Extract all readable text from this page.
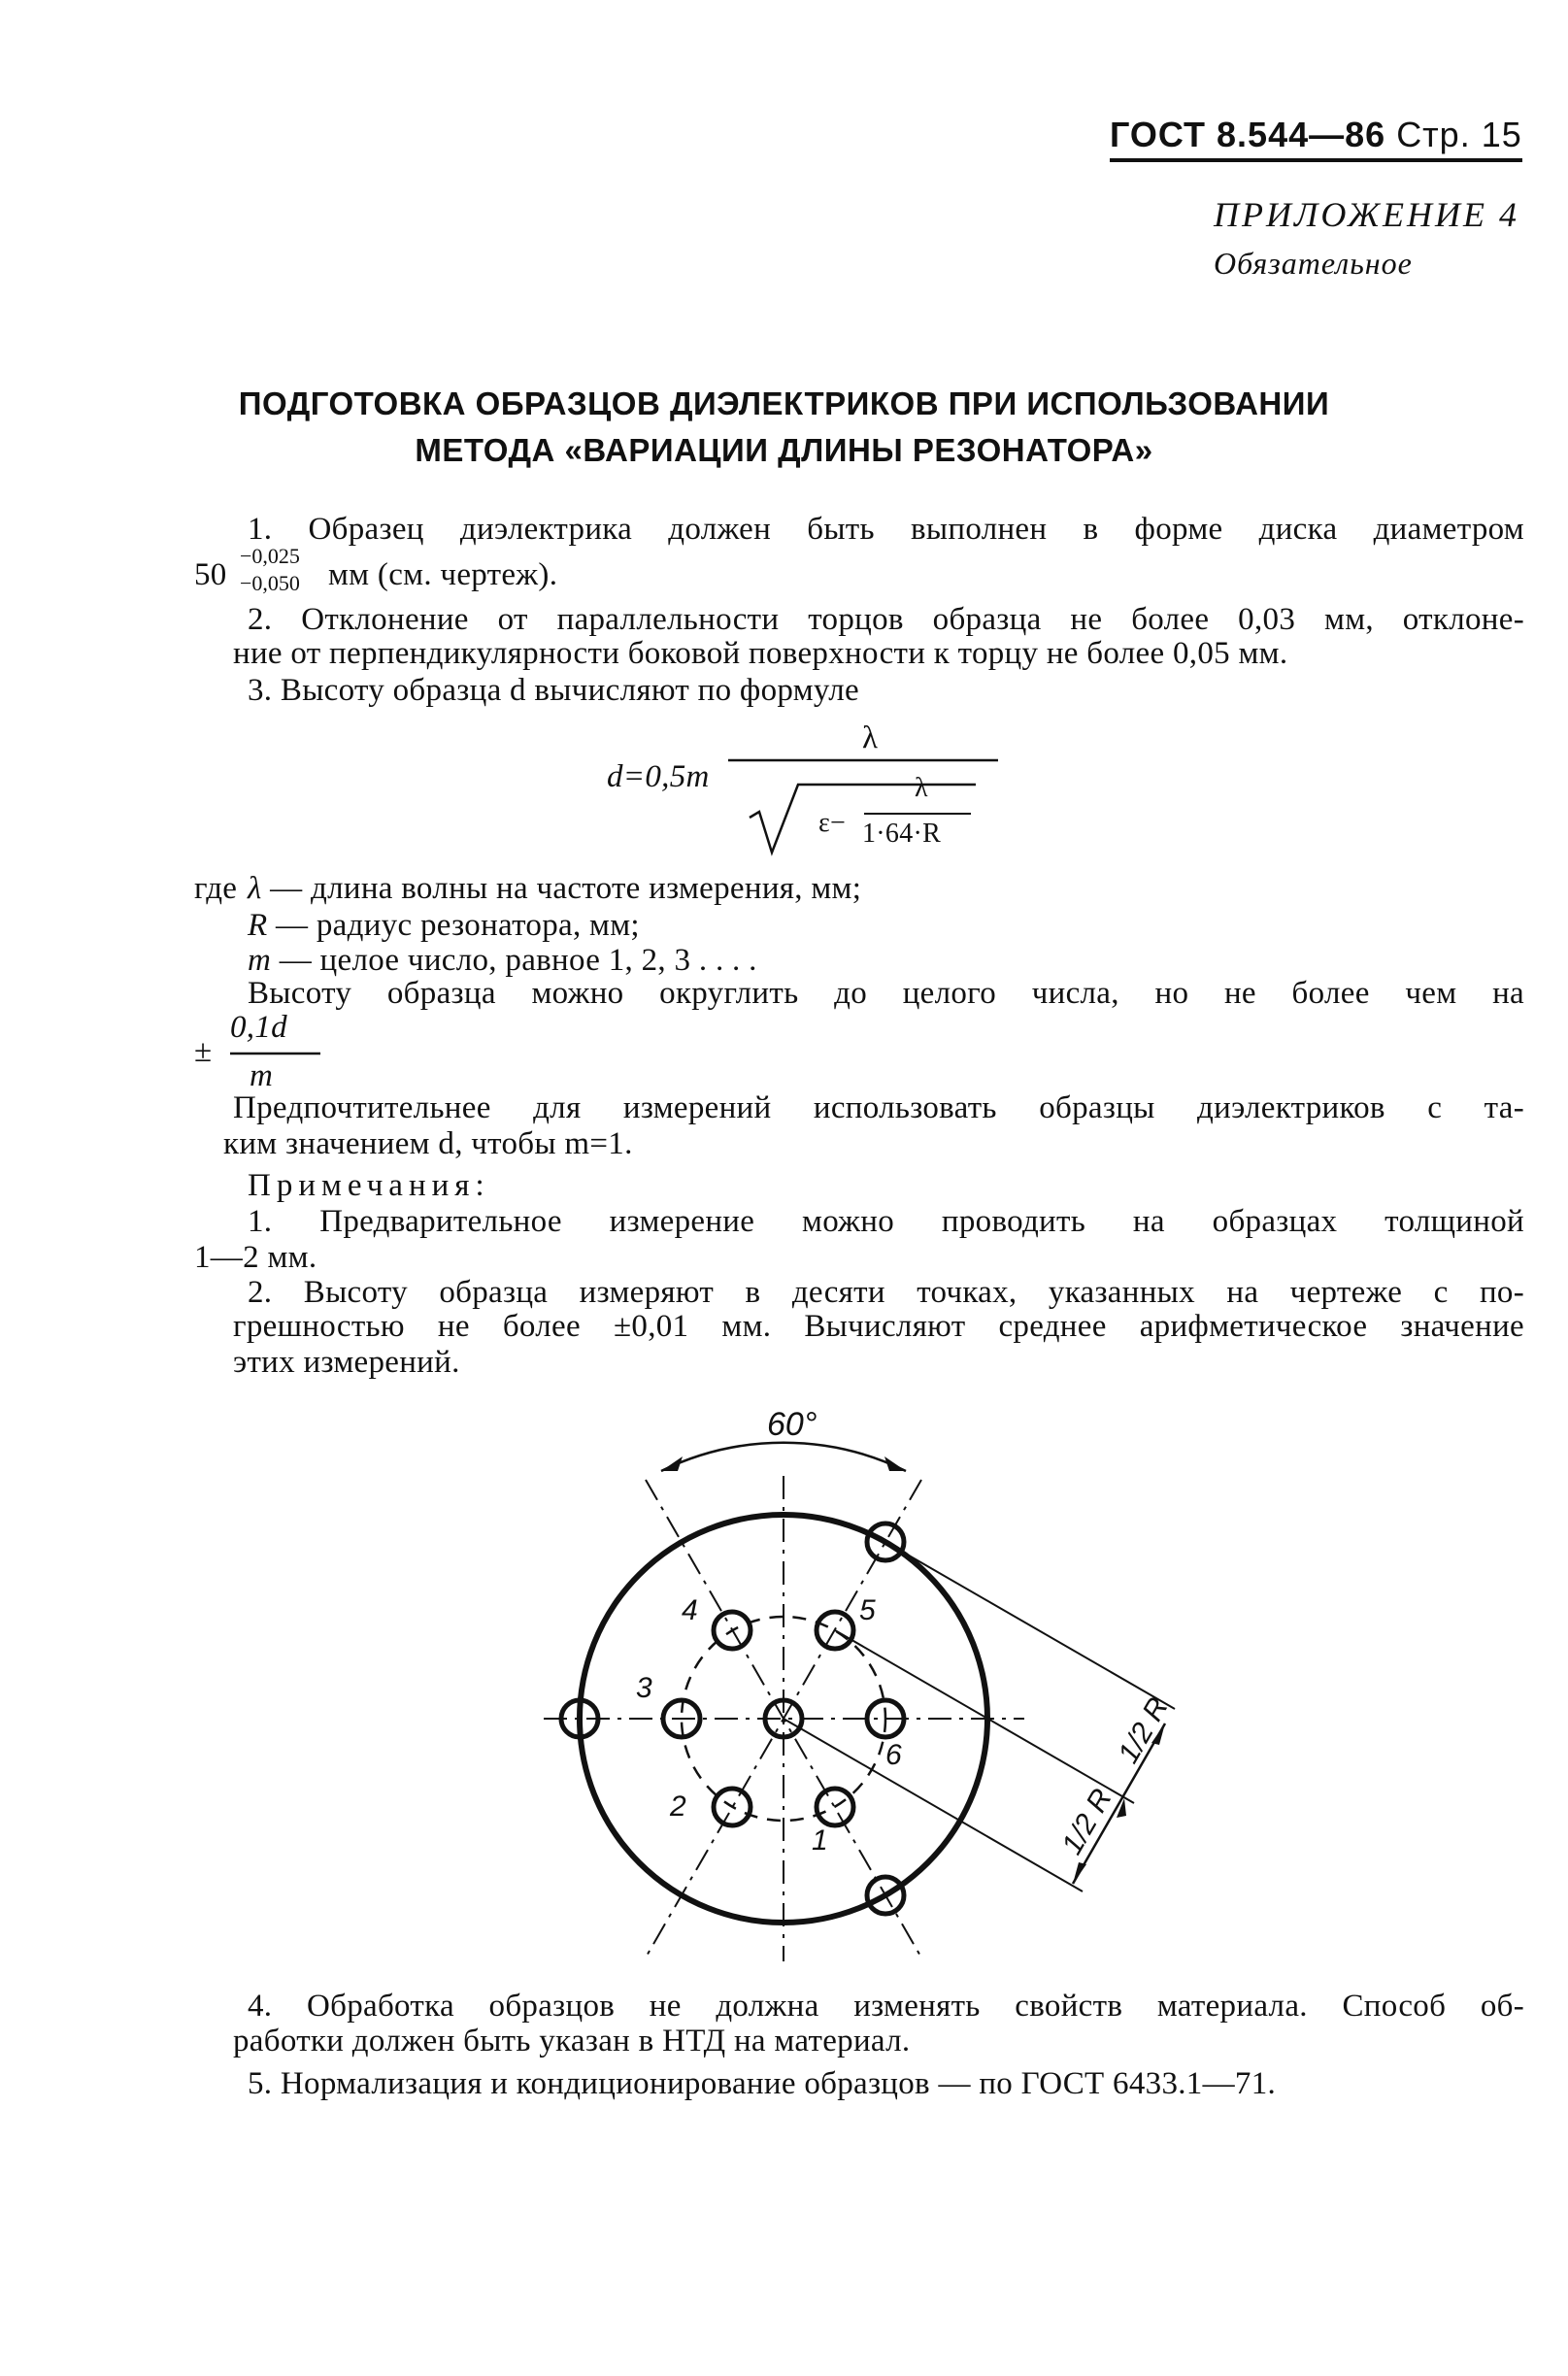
ГОСТ 8.544—86 Стр. 15
ПРИЛОЖЕНИЕ 4
Обязательное
ПОДГОТОВКА ОБРАЗЦОВ ДИЭЛЕКТРИКОВ ПРИ ИСПОЛЬЗОВАНИИ
МЕТОДА «ВАРИАЦИИ ДЛИНЫ РЕЗОНАТОРА»
1. Образец диэлектрика должен быть выполнен в форме диска диаметром
50
−0,025
−0,050 мм (см. чертеж).
2. Отклонение от параллельности торцов образца не более 0,03 мм, отклоне-
ние от перпендикулярности боковой поверхности к торцу не более 0,05 мм.
3. Высоту образца d вычисляют по формуле
d=0,5m
λ
ε−
λ
1·64·R
где λ — длина волны на частоте измерения, мм;
R — радиус резонатора, мм;
m — целое число, равное 1, 2, 3 . . . .
Высоту образца можно округлить до целого числа, но не более чем на
±
0,1d
m
Предпочтительнее для измерений использовать образцы диэлектриков с та-
ким значением d, чтобы m=1.
Примечания:
1. Предварительное измерение можно проводить на образцах толщиной
1—2 мм.
2. Высоту образца измеряют в десяти точках, указанных на чертеже с по-
грешностью не более ±0,01 мм. Вычисляют среднее арифметическое значение
этих измерений.
4. Обработка образцов не должна изменять свойств материала. Способ об-
работки должен быть указан в НТД на материал.
5. Нормализация и кондиционирование образцов — по ГОСТ 6433.1—71.
60°
1
2
3
4	5
6	1/2 R
1/2 R
